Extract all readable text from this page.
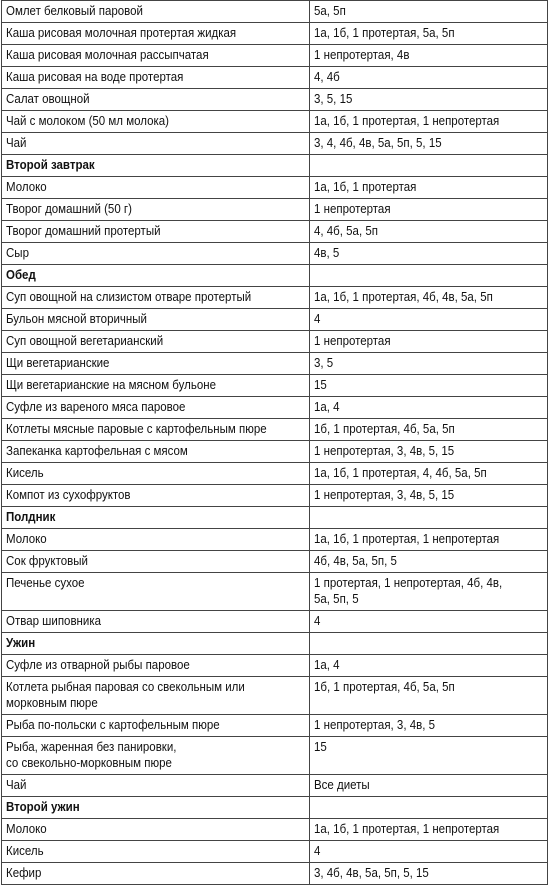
Омлет белковый паровой	5а, 5п
Каша рисовая молочная протертая жидкая	1а, 1б, 1 протертая, 5а, 5п
Каша рисовая молочная рассыпчатая	1 непротертая, 4в
Каша рисовая на воде протертая	4, 4б
Салат овощной	3, 5, 15
Чай с молоком (50 мл молока)	1а, 1б, 1 протертая, 1 непротертая
Чай	3, 4, 4б, 4в, 5а, 5п, 5, 15
Второй завтрак	
Молоко	1а, 1б, 1 протертая
Творог домашний (50 г)	1 непротертая
Творог домашний протертый	4, 4б, 5а, 5п
Сыр	4в, 5
Обед	
Суп овощной на слизистом отваре протертый	1а, 1б, 1 протертая, 4б, 4в, 5а, 5п
Бульон мясной вторичный	4
Суп овощной вегетарианский	1 непротертая
Щи вегетарианские	3, 5
Щи вегетарианские на мясном бульоне	15
Суфле из вареного мяса паровое	1а, 4
Котлеты мясные паровые с картофельным пюре	1б, 1 протертая, 4б, 5а, 5п
Запеканка картофельная с мясом	1 непротертая, 3, 4в, 5, 15
Кисель	1а, 1б, 1 протертая, 4, 4б, 5а, 5п
Компот из сухофруктов	1 непротертая, 3, 4в, 5, 15
Полдник	
Молоко	1а, 1б, 1 протертая, 1 непротертая
Сок фруктовый	4б, 4в, 5а, 5п, 5
Печенье сухое	1 протертая, 1 непротертая, 4б, 4в,
5а, 5п, 5

Отвар шиповника	4
Ужин	
Суфле из отварной рыбы паровое	1а, 4

Котлета рыбная паровая со свекольным или
морковным пюре	1б, 1 протертая, 4б, 5а, 5п
Рыба по-польски с картофельным пюре	1 непротертая, 3, 4в, 5

Рыба, жаренная без панировки,
со свекольно-морковным пюре	15
Чай	Все диеты
Второй ужин	
Молоко	1а, 1б, 1 протертая, 1 непротертая
Кисель	4
Кефир	3, 4б, 4в, 5а, 5п, 5, 15
